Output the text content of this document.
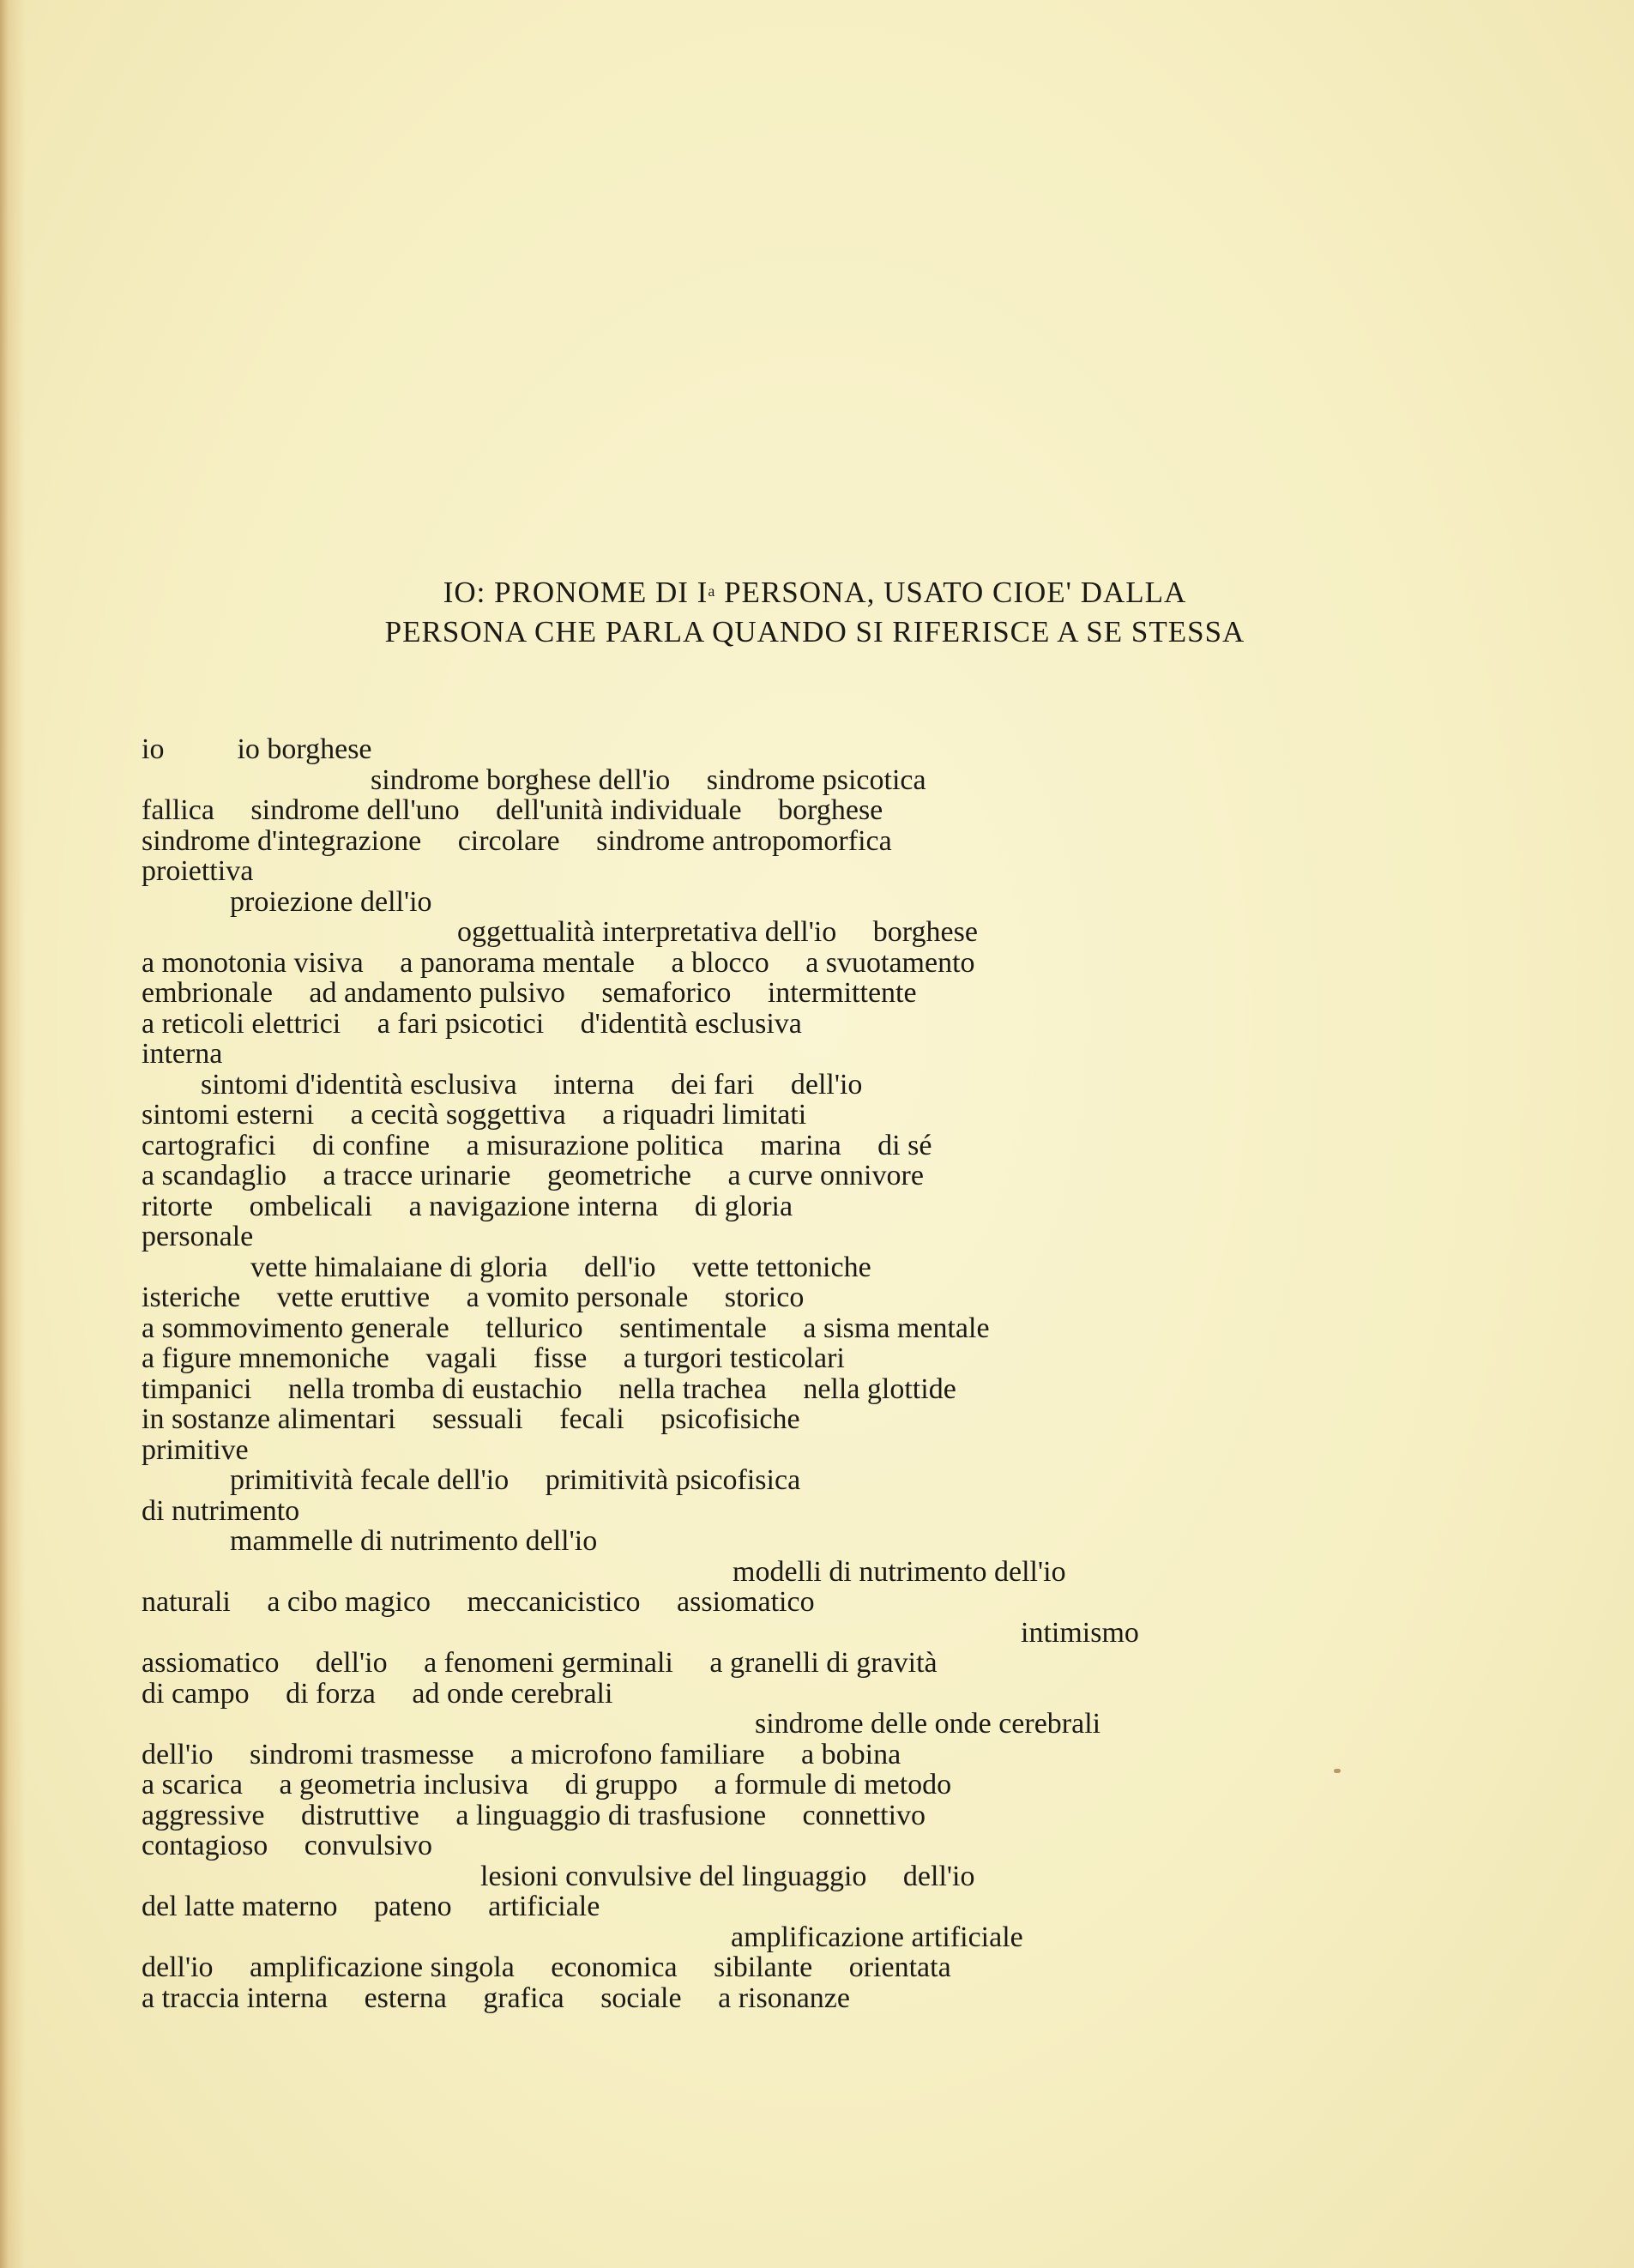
IO: PRONOME DI $I^a$ PERSONA, USATO CIOE' DALLA
PERSONA CHE PARLA QUANDO SI RIFERISCE A SE STESSA
io          io borghese
sindrome borghese dell'io     sindrome psicotica
fallica     sindrome dell'uno     dell'unità individuale     borghese
sindrome d'integrazione     circolare     sindrome antropomorfica
proiettiva
proiezione dell'io
oggettualità interpretativa dell'io     borghese
a monotonia visiva     a panorama mentale     a blocco     a svuotamento
embrionale     ad andamento pulsivo     semaforico     intermittente
a reticoli elettrici     a fari psicotici     d'identità esclusiva
interna
sintomi d'identità esclusiva     interna     dei fari     dell'io
sintomi esterni     a cecità soggettiva     a riquadri limitati
cartografici     di confine     a misurazione politica     marina     di sé
a scandaglio     a tracce urinarie     geometriche     a curve onnivore
ritorte     ombelicali     a navigazione interna     di gloria
personale
vette himalaiane di gloria     dell'io     vette tettoniche
isteriche     vette eruttive     a vomito personale     storico
a sommovimento generale     tellurico     sentimentale     a sisma mentale
a figure mnemoniche     vagali     fisse     a turgori testicolari
timpanici     nella tromba di eustachio     nella trachea     nella glottide
in sostanze alimentari     sessuali     fecali     psicofisiche
primitive
primitività fecale dell'io     primitività psicofisica
di nutrimento
mammelle di nutrimento dell'io
modelli di nutrimento dell'io
naturali     a cibo magico     meccanicistico     assiomatico
intimismo
assiomatico     dell'io     a fenomeni germinali     a granelli di gravità
di campo     di forza     ad onde cerebrali
sindrome delle onde cerebrali
dell'io     sindromi trasmesse     a microfono familiare     a bobina
a scarica     a geometria inclusiva     di gruppo     a formule di metodo
aggressive     distruttive     a linguaggio di trasfusione     connettivo
contagioso     convulsivo
lesioni convulsive del linguaggio     dell'io
del latte materno     pateno     artificiale
amplificazione artificiale
dell'io     amplificazione singola     economica     sibilante     orientata
a traccia interna     esterna     grafica     sociale     a risonanze
